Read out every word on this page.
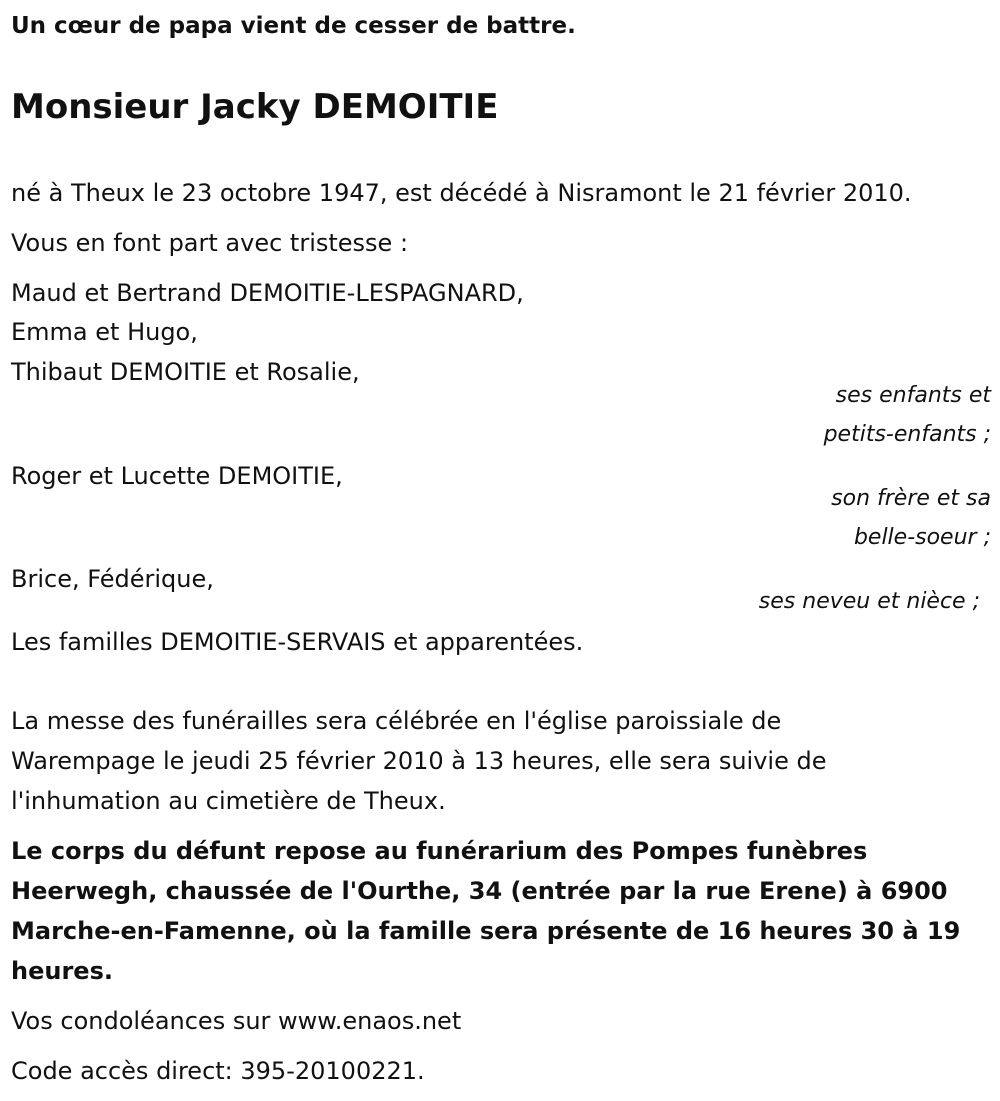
Un cœur de papa vient de cesser de battre.
Monsieur Jacky DEMOITIE
né à Theux le 23 octobre 1947, est décédé à Nisramont le 21 février 2010.
Vous en font part avec tristesse :
Maud et Bertrand DEMOITIE-LESPAGNARD,
Emma et Hugo,
Thibaut DEMOITIE et Rosalie,
ses enfants et
petits-enfants ;
Roger et Lucette DEMOITIE,
son frère et sa
belle-soeur ;
Brice, Fédérique,
ses neveu et nièce ;
Les familles DEMOITIE-SERVAIS et apparentées.
La messe des funérailles sera célébrée en l'église paroissiale de
Warempage le jeudi 25 février 2010 à 13 heures, elle sera suivie de
l'inhumation au cimetière de Theux.
Le corps du défunt repose au funérarium des Pompes funèbres
Heerwegh, chaussée de l'Ourthe, 34 (entrée par la rue Erene) à 6900
Marche-en-Famenne, où la famille sera présente de 16 heures 30 à 19
heures.
Vos condoléances sur www.enaos.net
Code accès direct: 395-20100221.
